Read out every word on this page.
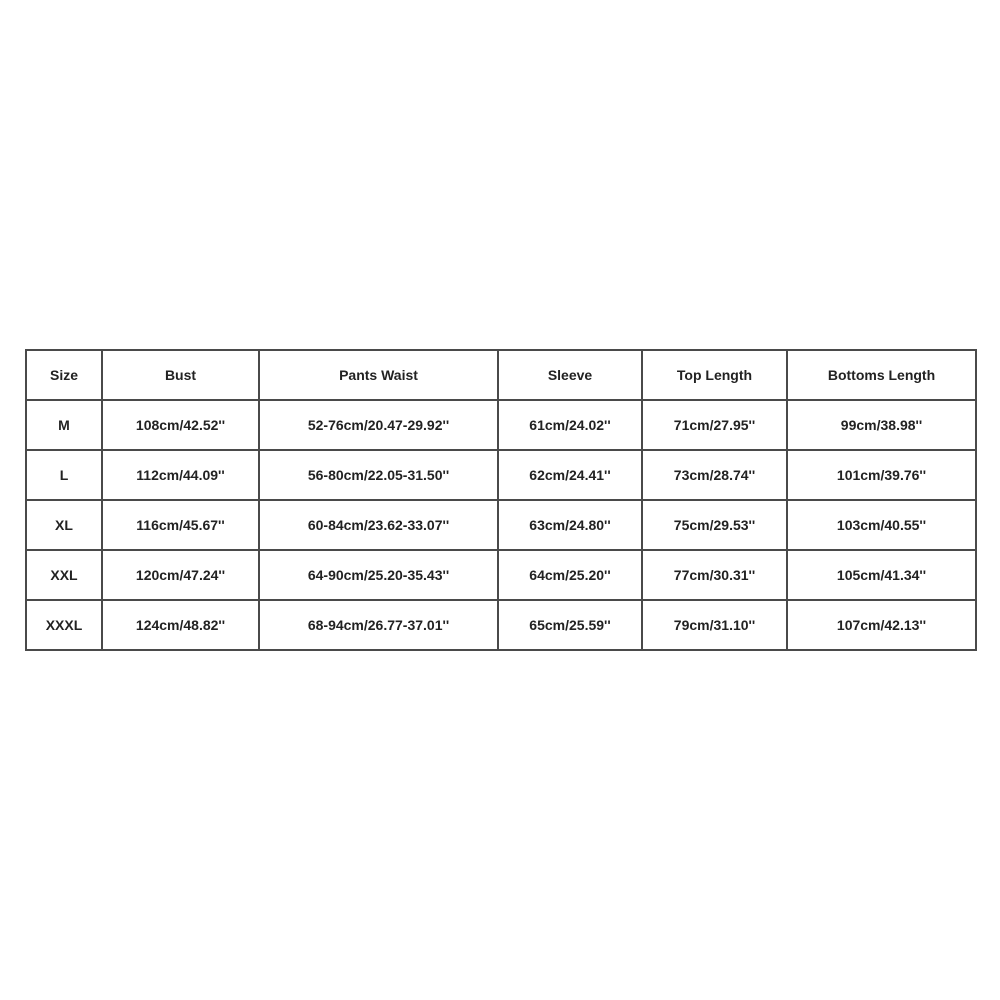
Size	Bust	Pants Waist	Sleeve	Top Length	Bottoms Length
M	108cm/42.52''	52-76cm/20.47-29.92''	61cm/24.02''	71cm/27.95''	99cm/38.98''
L	112cm/44.09''	56-80cm/22.05-31.50''	62cm/24.41''	73cm/28.74''	101cm/39.76''
XL	116cm/45.67''	60-84cm/23.62-33.07''	63cm/24.80''	75cm/29.53''	103cm/40.55''
XXL	120cm/47.24''	64-90cm/25.20-35.43''	64cm/25.20''	77cm/30.31''	105cm/41.34''
XXXL	124cm/48.82''	68-94cm/26.77-37.01''	65cm/25.59''	79cm/31.10''	107cm/42.13''
